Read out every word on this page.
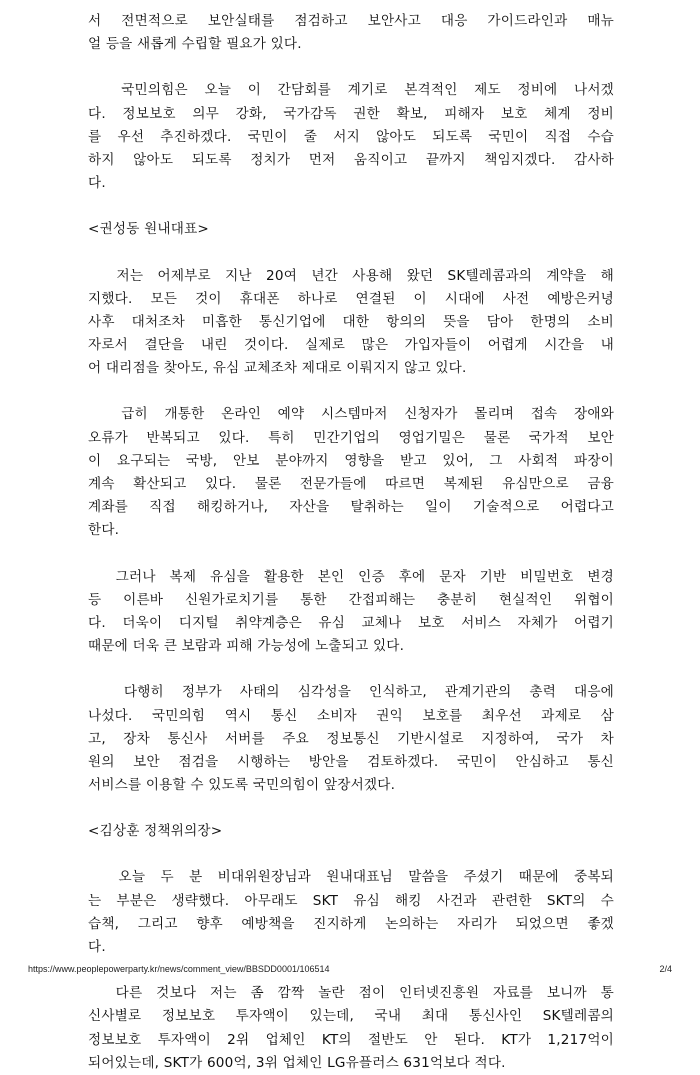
서 전면적으로 보안실태를 점검하고 보안사고 대응 가이드라인과 매뉴
얼 등을 새롭게 수립할 필요가 있다.
국민의힘은 오늘 이 간담회를 계기로 본격적인 제도 정비에 나서겠
다. 정보보호 의무 강화, 국가감독 권한 확보, 피해자 보호 체계 정비
를 우선 추진하겠다. 국민이 줄 서지 않아도 되도록 국민이 직접 수습
하지 않아도 되도록 정치가 먼저 움직이고 끝까지 책임지겠다. 감사하
다.
<권성동 원내대표>
저는 어제부로 지난 20여 년간 사용해 왔던 SK텔레콤과의 계약을 해
지했다. 모든 것이 휴대폰 하나로 연결된 이 시대에 사전 예방은커녕
사후 대처조차 미흡한 통신기업에 대한 항의의 뜻을 담아 한명의 소비
자로서 결단을 내린 것이다. 실제로 많은 가입자들이 어렵게 시간을 내
어 대리점을 찾아도, 유심 교체조차 제대로 이뤄지지 않고 있다.
급히 개통한 온라인 예약 시스템마저 신청자가 몰리며 접속 장애와
오류가 반복되고 있다. 특히 민간기업의 영업기밀은 물론 국가적 보안
이 요구되는 국방, 안보 분야까지 영향을 받고 있어, 그 사회적 파장이
계속 확산되고 있다. 물론 전문가들에 따르면 복제된 유심만으로 금융
계좌를 직접 해킹하거나, 자산을 탈취하는 일이 기술적으로 어렵다고
한다.
그러나 복제 유심을 활용한 본인 인증 후에 문자 기반 비밀번호 변경
등 이른바 신원가로치기를 통한 간접피해는 충분히 현실적인 위협이
다. 더욱이 디지털 취약계층은 유심 교체나 보호 서비스 자체가 어렵기
때문에 더욱 큰 보람과 피해 가능성에 노출되고 있다.
다행히 정부가 사태의 심각성을 인식하고, 관계기관의 총력 대응에
나섰다. 국민의힘 역시 통신 소비자 권익 보호를 최우선 과제로 삼
고, 장차 통신사 서버를 주요 정보통신 기반시설로 지정하여, 국가 차
원의 보안 점검을 시행하는 방안을 검토하겠다. 국민이 안심하고 통신
서비스를 이용할 수 있도록 국민의힘이 앞장서겠다.
<김상훈 정책위의장>
오늘 두 분 비대위원장님과 원내대표님 말씀을 주셨기 때문에 중복되
는 부분은 생략했다. 아무래도 SKT 유심 해킹 사건과 관련한 SKT의 수
습책, 그리고 향후 예방책을 진지하게 논의하는 자리가 되었으면 좋겠
다.
다른 것보다 저는 좀 깜짝 놀란 점이 인터넷진흥원 자료를 보니까 통
신사별로 정보보호 투자액이 있는데, 국내 최대 통신사인 SK텔레콤의
정보보호 투자액이 2위 업체인 KT의 절반도 안 된다. KT가 1,217억이
되어있는데, SKT가 600억, 3위 업체인 LG유플러스 631억보다 적다.
https://www.peoplepowerparty.kr/news/comment_view/BBSDD0001/106514	2/4
